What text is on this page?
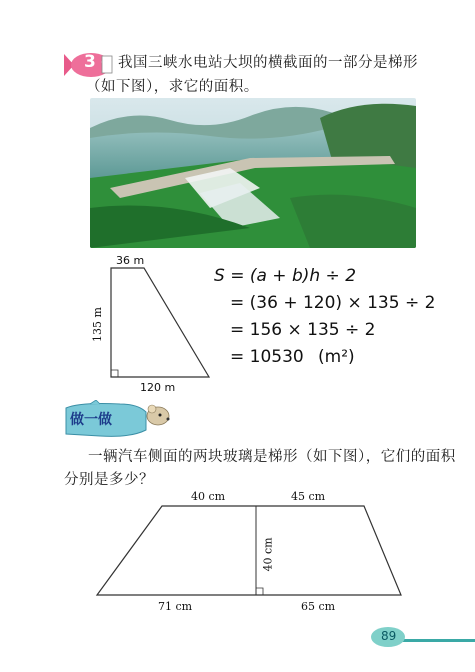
3 我国三峡水电站大坝的横截面的一部分是梯形
（如下图），求它的面积。
36 m
135 m
120 m
S = (a + b)h ÷ 2
= (36 + 120) × 135 ÷ 2
= 156 × 135 ÷ 2
= 10530 (m²)
做一做
一辆汽车侧面的两块玻璃是梯形（如下图），它们的面积
分别是多少？
40 cm	45 cm
40 cm
71 cm	65 cm
89
